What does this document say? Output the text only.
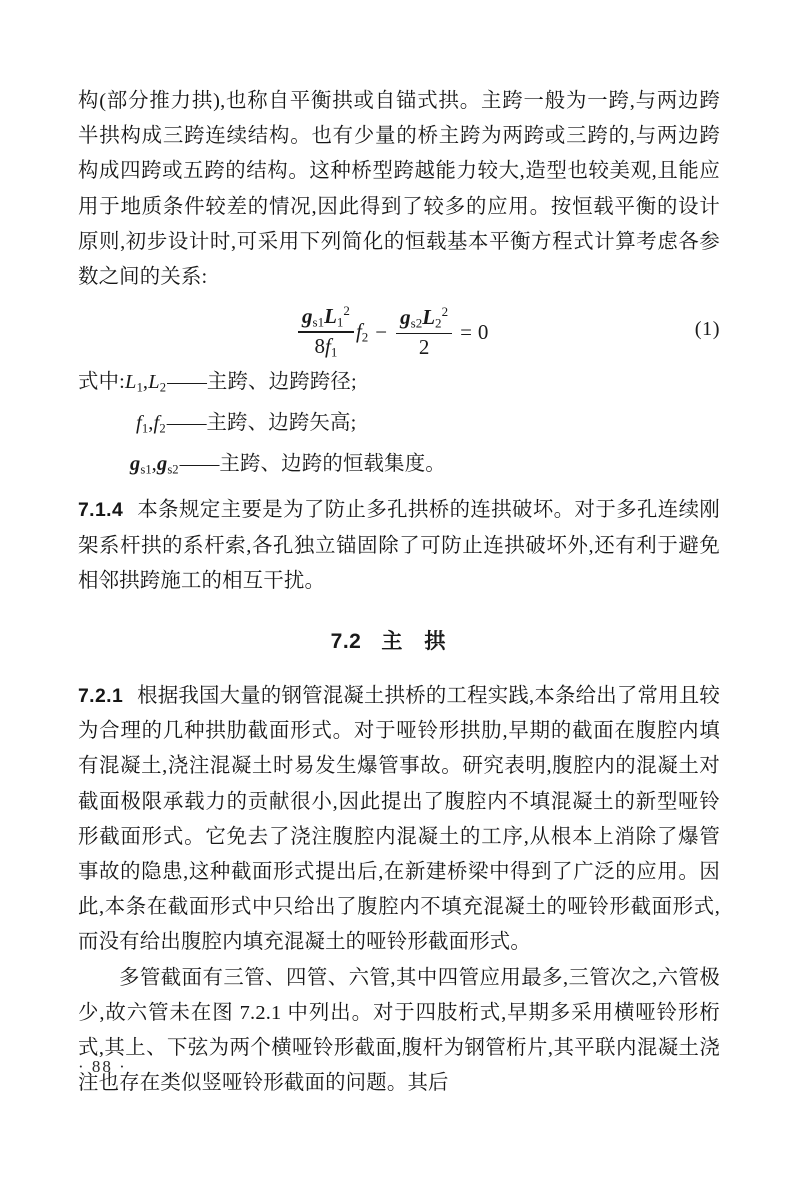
构(部分推力拱),也称自平衡拱或自锚式拱。主跨一般为一跨,与两边跨半拱构成三跨连续结构。也有少量的桥主跨为两跨或三跨的,与两边跨构成四跨或五跨的结构。这种桥型跨越能力较大,造型也较美观,且能应用于地质条件较差的情况,因此得到了较多的应用。按恒载平衡的设计原则,初步设计时,可采用下列简化的恒载基本平衡方程式计算考虑各参数之间的关系:

$\frac{g_{s1}L_1^2}{8f_1} f_2 - \frac{g_{s2}L_2^2}{2} = 0$	(1)
式中$:L_1,L_2——$主跨、边跨跨径;
$f_1,f_2——$主跨、边跨矢高;
$g_{s1},g_{s2}——$主跨、边跨的恒载集度。

7.1.4 本条规定主要是为了防止多孔拱桥的连拱破坏。对于多孔连续刚架系杆拱的系杆索,各孔独立锚固除了可防止连拱破坏外,还有利于避免相邻拱跨施工的相互干扰。

7.2 主拱

7.2.1 根据我国大量的钢管混凝土拱桥的工程实践,本条给出了常用且较为合理的几种拱肋截面形式。对于哑铃形拱肋,早期的截面在腹腔内填有混凝土,浇注混凝土时易发生爆管事故。研究表明,腹腔内的混凝土对截面极限承载力的贡献很小,因此提出了腹腔内不填混凝土的新型哑铃形截面形式。它免去了浇注腹腔内混凝土的工序,从根本上消除了爆管事故的隐患,这种截面形式提出后,在新建桥梁中得到了广泛的应用。因此,本条在截面形式中只给出了腹腔内不填充混凝土的哑铃形截面形式,而没有给出腹腔内填充混凝土的哑铃形截面形式。

多管截面有三管、四管、六管,其中四管应用最多,三管次之,六管极少,故六管未在图 7.2.1 中列出。对于四肢桁式,早期多采用横哑铃形桁式,其上、下弦为两个横哑铃形截面,腹杆为钢管桁片,其平联内混凝土浇注也存在类似竖哑铃形截面的问题。其后

· 88 ·
